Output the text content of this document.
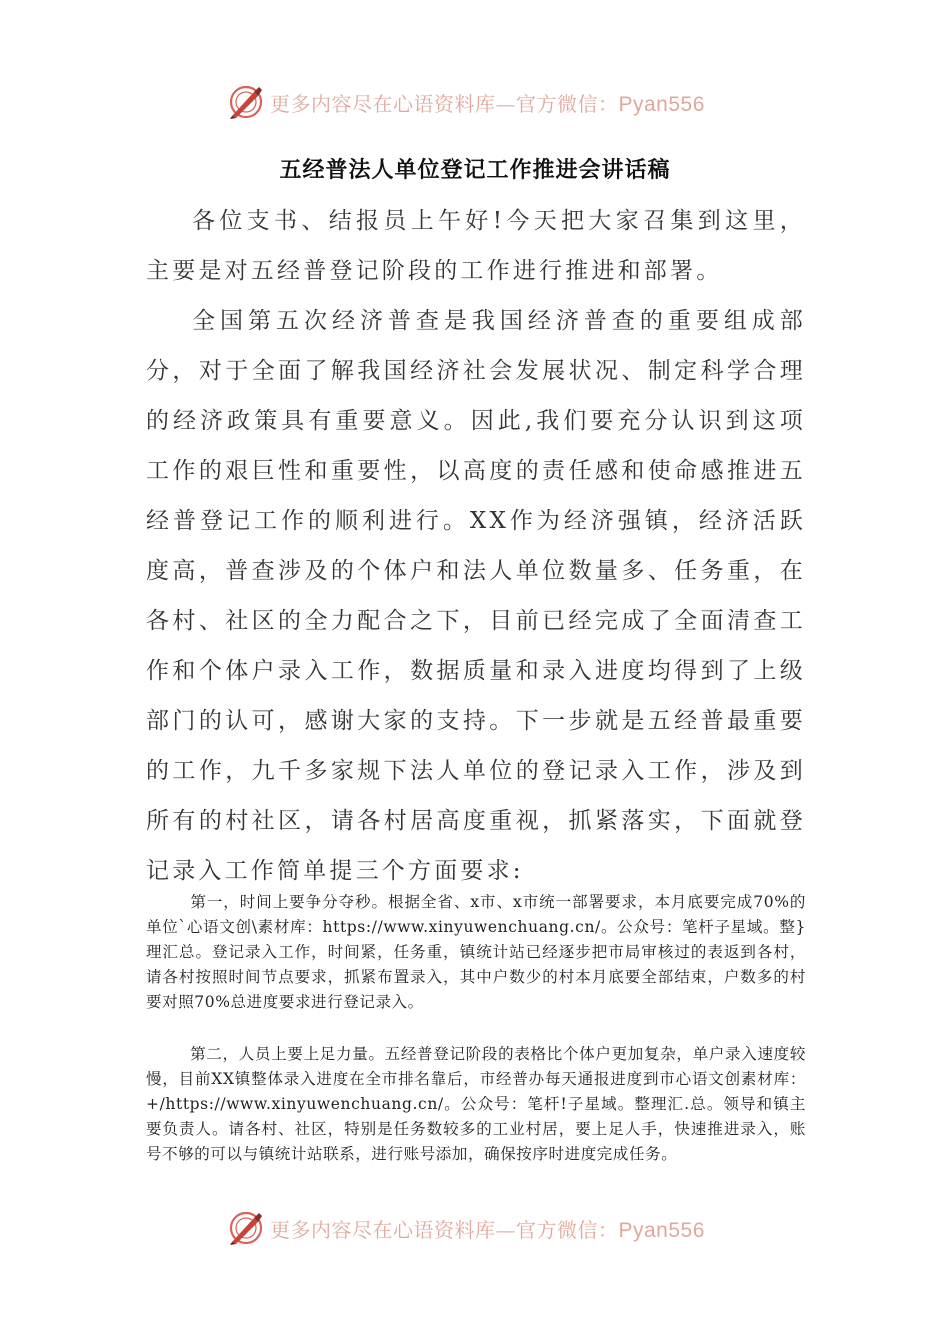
更多内容尽在心语资料库—官方微信：Pyan556
五经普法人单位登记工作推进会讲话稿

各位支书、结报员上午好!今天把大家召集到这里，主要是对五经普登记阶段的工作进行推进和部署。

全国第五次经济普查是我国经济普查的重要组成部分，对于全面了解我国经济社会发展状况、制定科学合理的经济政策具有重要意义。因此,我们要充分认识到这项工作的艰巨性和重要性，以高度的责任感和使命感推进五经普登记工作的顺利进行。XX作为经济强镇，经济活跃度高，普查涉及的个体户和法人单位数量多、任务重，在各村、社区的全力配合之下，目前已经完成了全面清查工作和个体户录入工作，数据质量和录入进度均得到了上级部门的认可，感谢大家的支持。下一步就是五经普最重要的工作，九千多家规下法人单位的登记录入工作，涉及到所有的村社区，请各村居高度重视，抓紧落实，下面就登记录入工作简单提三个方面要求:

第一，时间上要争分夺秒。根据全省、x市、x市统一部署要求，本月底要完成70%的单位`心语文创\素材库：https://www.xinyuwenchuang.cn/。公众号：笔杆子星域。整}理汇总。登记录入工作，时间紧，任务重，镇统计站已经逐步把市局审核过的表返到各村，请各村按照时间节点要求，抓紧布置录入，其中户数少的村本月底要全部结束，户数多的村要对照70%总进度要求进行登记录入。

第二，人员上要上足力量。五经普登记阶段的表格比个体户更加复杂，单户录入速度较慢，目前XX镇整体录入进度在全市排名靠后，市经普办每天通报进度到市心语文创素材库：+/https://www.xinyuwenchuang.cn/。公众号：笔杆!子星域。整理汇.总。领导和镇主要负责人。请各村、社区，特别是任务数较多的工业村居，要上足人手，快速推进录入，账号不够的可以与镇统计站联系，进行账号添加，确保按序时进度完成任务。

更多内容尽在心语资料库—官方微信：Pyan556
